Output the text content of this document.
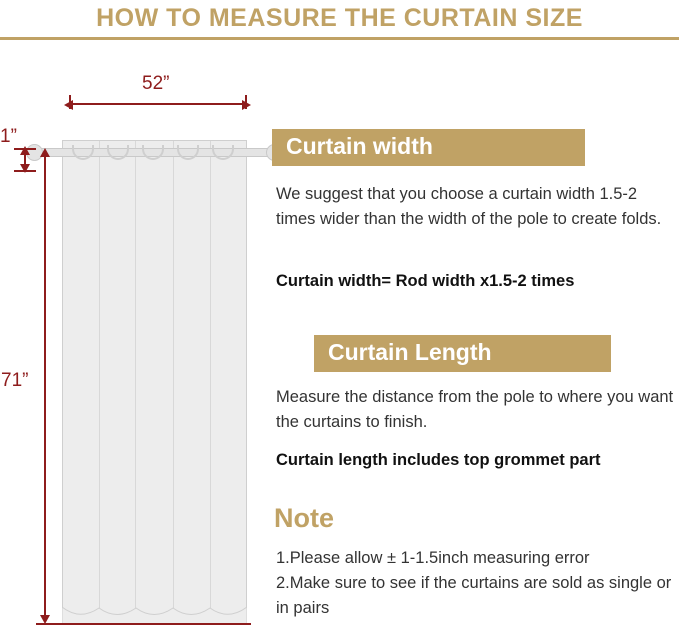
HOW TO MEASURE THE CURTAIN SIZE
52”
1”
71”
Curtain width
We suggest that you choose a curtain width 1.5-2 times wider than the width of the pole to create folds.
Curtain width= Rod width x1.5-2 times
Curtain Length
Measure the distance from the pole to where you want the curtains to finish.
Curtain length includes top grommet part
Note
1.Please allow ± 1-1.5inch measuring error
2.Make sure to see if the curtains are sold as single or in pairs
